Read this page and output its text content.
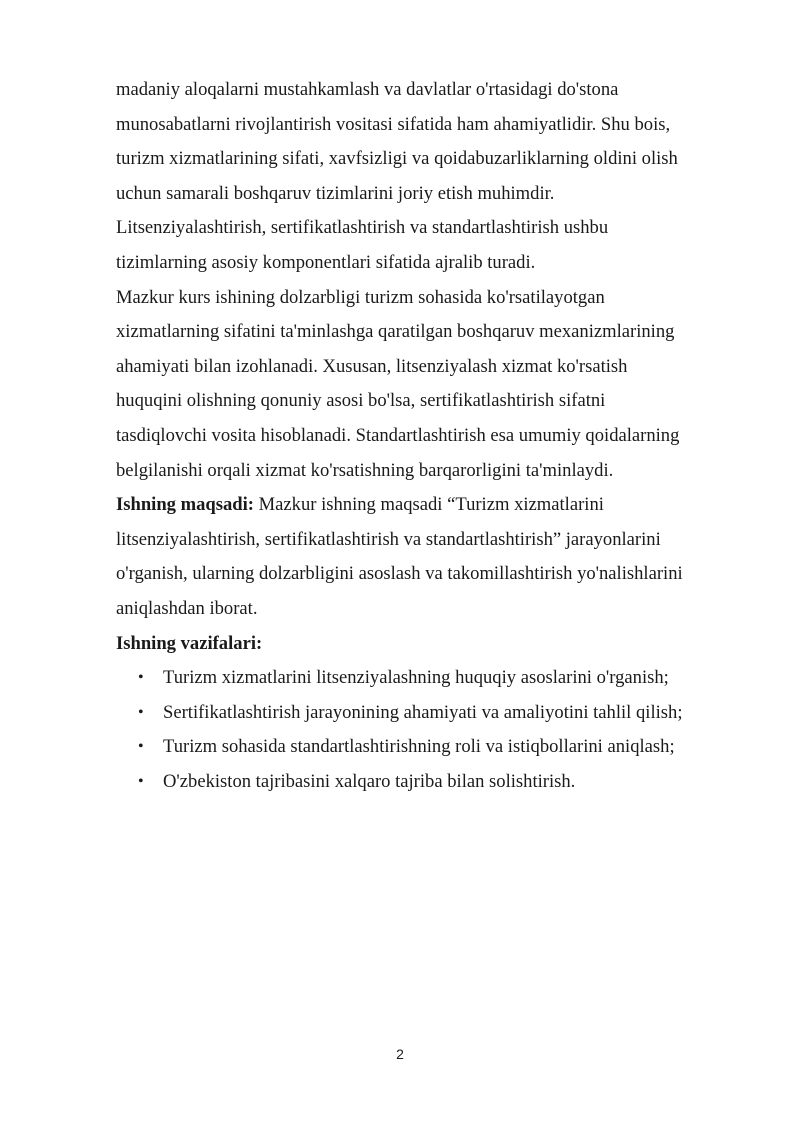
madaniy aloqalarni mustahkamlash va davlatlar o'rtasidagi do'stona
munosabatlarni rivojlantirish vositasi sifatida ham ahamiyatlidir. Shu bois,
turizm xizmatlarining sifati, xavfsizligi va qoidabuzarliklarning oldini olish
uchun samarali boshqaruv tizimlarini joriy etish muhimdir.
Litsenziyalashtirish, sertifikatlashtirish va standartlashtirish ushbu
tizimlarning asosiy komponentlari sifatida ajralib turadi.
Mazkur kurs ishining dolzarbligi turizm sohasida ko'rsatilayotgan
xizmatlarning sifatini ta'minlashga qaratilgan boshqaruv mexanizmlarining
ahamiyati bilan izohlanadi. Xususan, litsenziyalash xizmat ko'rsatish
huquqini olishning qonuniy asosi bo'lsa, sertifikatlashtirish sifatni
tasdiqlovchi vosita hisoblanadi. Standartlashtirish esa umumiy qoidalarning
belgilanishi orqali xizmat ko'rsatishning barqarorligini ta'minlaydi.
Ishning maqsadi: Mazkur ishning maqsadi “Turizm xizmatlarini
litsenziyalashtirish, sertifikatlashtirish va standartlashtirish” jarayonlarini
o'rganish, ularning dolzarbligini asoslash va takomillashtirish yo'nalishlarini
aniqlashdan iborat.
Ishning vazifalari:
• Turizm xizmatlarini litsenziyalashning huquqiy asoslarini o'rganish;
• Sertifikatlashtirish jarayonining ahamiyati va amaliyotini tahlil qilish;
• Turizm sohasida standartlashtirishning roli va istiqbollarini aniqlash;
• O'zbekiston tajribasini xalqaro tajriba bilan solishtirish.
2
